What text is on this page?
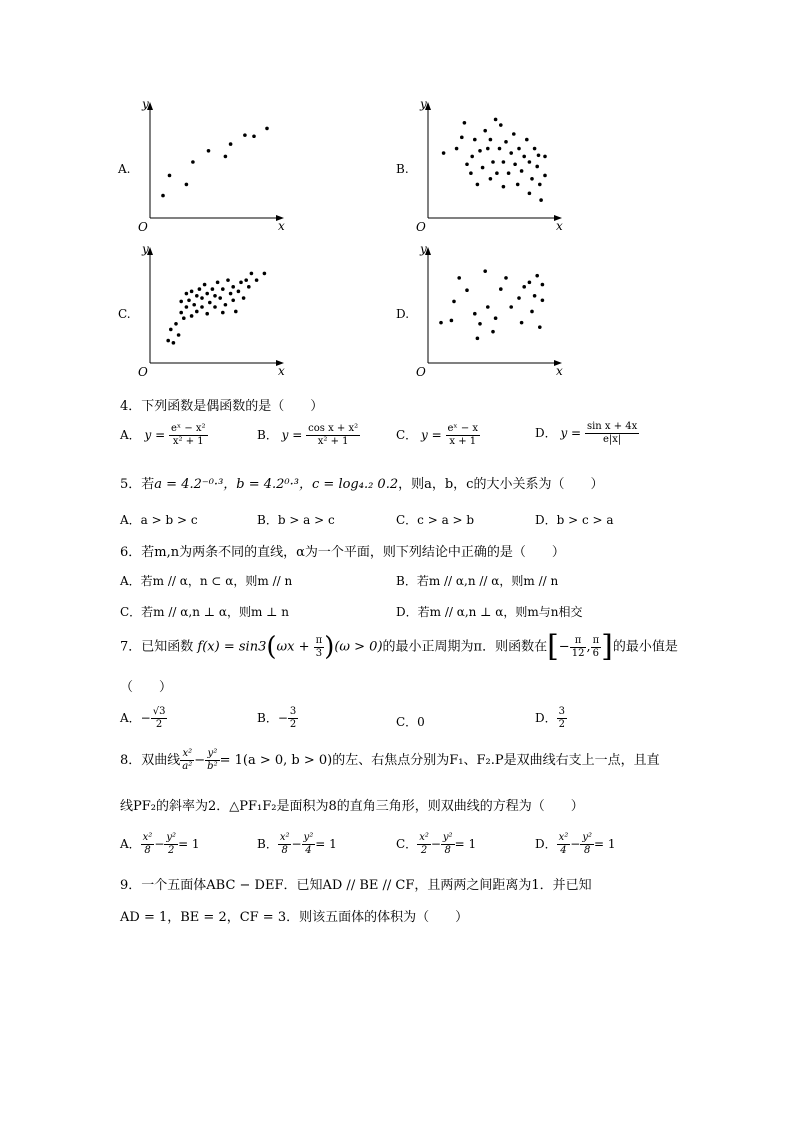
A.
y
x
O
B.
y
x
O
C.
y
x
O
D.
y
x
O
4．下列函数是偶函数的是（　　）
A． $y = \frac{\text{eˣ − x²}}{\text{x² + 1}}$	B． $y = \frac{\text{cos x + x²}}{\text{x² + 1}}$	C． $y = \frac{\text{eˣ − x}}{x + 1}$	D． $y = \frac{\text{sin x + 4x}}{e|x|}$
5．若a = 4.2⁻⁰·³，b = 4.2⁰·³，c = log₄.₂ 0.2，则a，b，c的大小关系为（　　）
A．a > b > c	B．b > a > c	C．c > a > b	D．b > c > a
6．若m,n为两条不同的直线，α为一个平面，则下列结论中正确的是（　　）
A．若m // α，n ⊂ α，则m // n	B．若m // α,n // α，则m // n
C．若m // α,n ⊥ α，则m ⊥ n	D．若m // α,n ⊥ α，则m与n相交
7．已知函数 $f(x) = \sin 3(\omega x + \frac{\pi}{3} )(\omega > 0)$的最小正周期为π．则函数在[− $\frac{\pi}{12}$ , $\frac{\pi}{6}$ ]的最小值是
（　　）
A．− $\frac{√3}{2}$	B．− $\frac{3}{2}$	C．0	D． $\frac{3}{2}$
8．双曲线 $\frac{\text{x²}}{\text{a²}} - \frac{\text{y²}}{\text{b²}} = 1(a > 0$, b > 0)的左、右焦点分别为F₁、F₂.P是双曲线右支上一点，且直
线PF₂的斜率为2．△PF₁F₂是面积为8的直角三角形，则双曲线的方程为（　　）
A． $\frac{\text{x²}}{8} - \frac{\text{y²}}{2} = 1$	B． $\frac{\text{x²}}{8} - \frac{\text{y²}}{4} = 1$	C． $\frac{\text{x²}}{2} - \frac{\text{y²}}{8} = 1$	D． $\frac{\text{x²}}{4} - \frac{\text{y²}}{8} = 1$
9．一个五面体ABC − DEF．已知AD // BE // CF，且两两之间距离为1．并已知
AD = 1，BE = 2，CF = 3．则该五面体的体积为（　　）
